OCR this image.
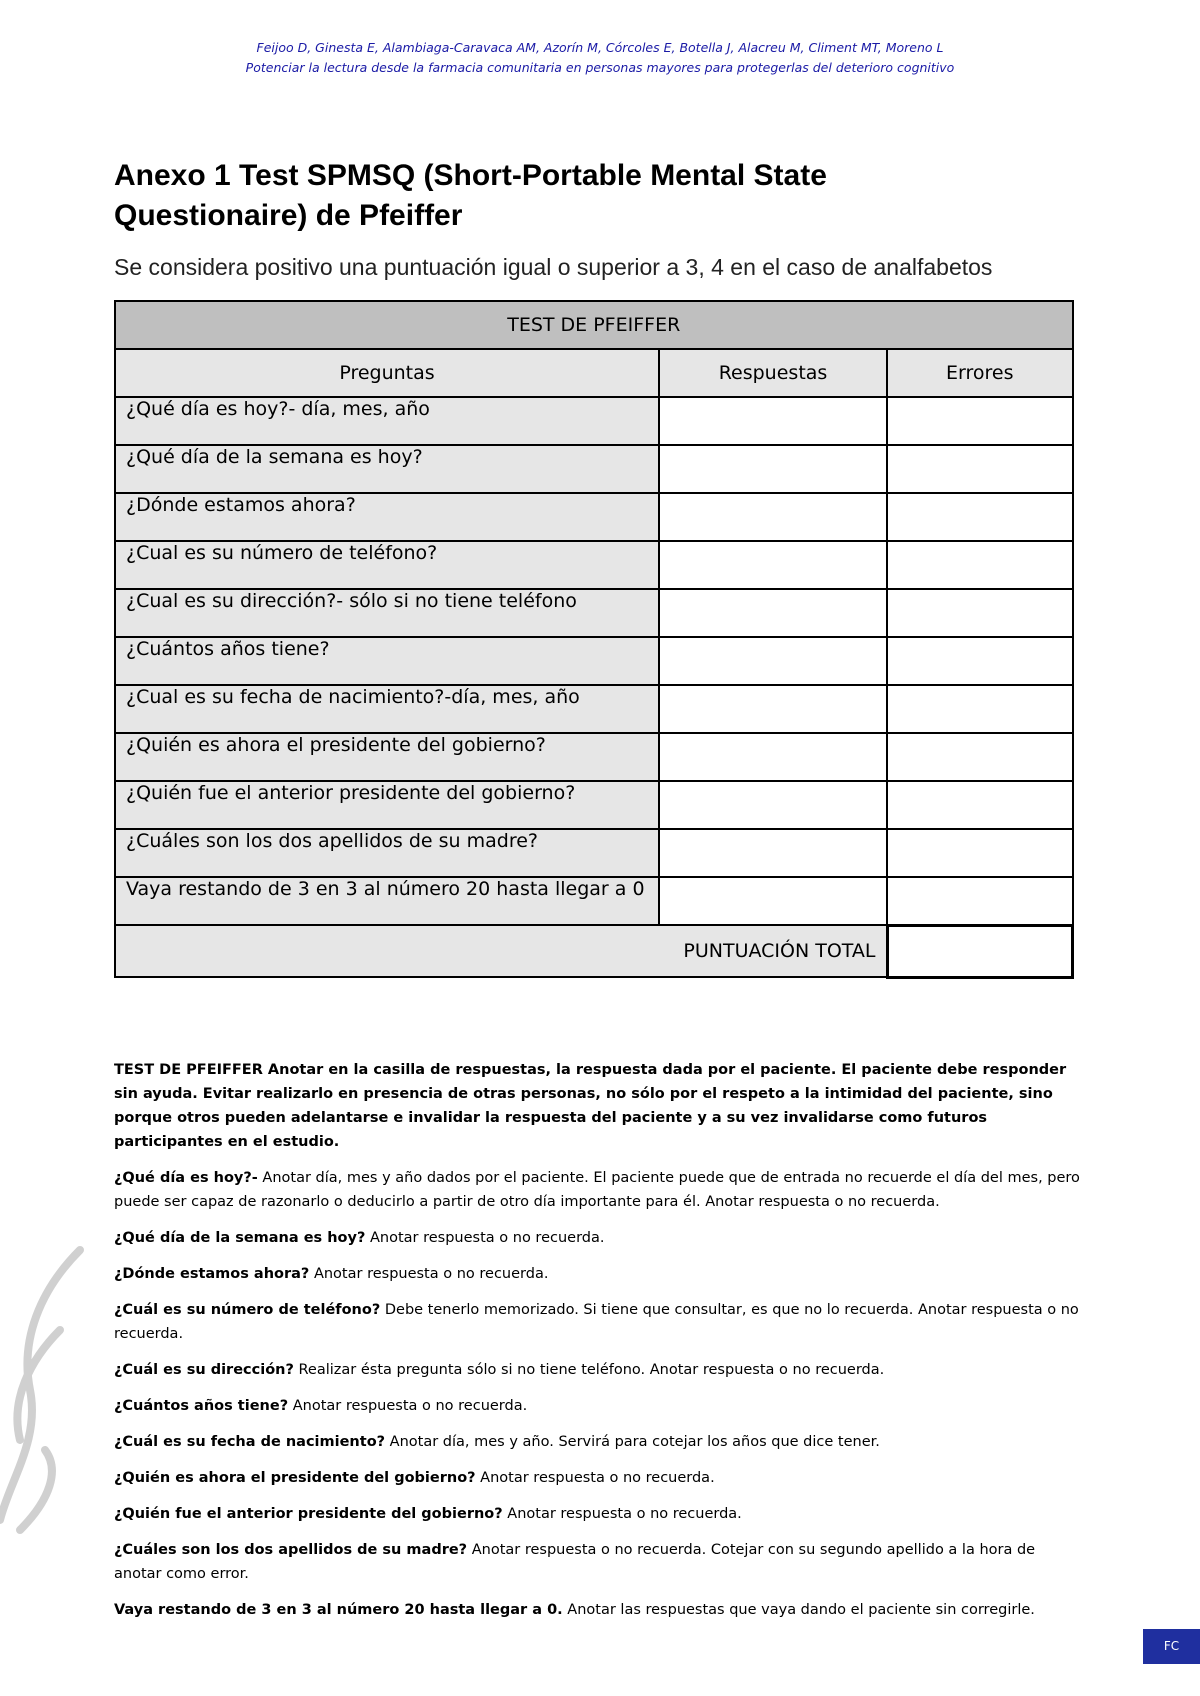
Feijoo D, Ginesta E, Alambiaga-Caravaca AM, Azorín M, Córcoles E, Botella J, Alacreu M, Climent MT, Moreno L
Potenciar la lectura desde la farmacia comunitaria en personas mayores para protegerlas del deterioro cognitivo
Anexo 1 Test SPMSQ (Short-Portable Mental State Questionaire) de Pfeiffer

Se considera positivo una puntuación igual o superior a 3, 4 en el caso de analfabetos

TEST DE PFEIFFER		
Preguntas	Respuestas	Errores
¿Qué día es hoy?- día, mes, año		
¿Qué día de la semana es hoy?		
¿Dónde estamos ahora?		
¿Cual es su número de teléfono?		
¿Cual es su dirección?- sólo si no tiene teléfono		
¿Cuántos años tiene?		
¿Cual es su fecha de nacimiento?-día, mes, año		
¿Quién es ahora el presidente del gobierno?		
¿Quién fue el anterior presidente del gobierno?		
¿Cuáles son los dos apellidos de su madre?		
Vaya restando de 3 en 3 al número 20 hasta llegar a 0		
PUNTUACIÓN TOTAL		

TEST DE PFEIFFER Anotar en la casilla de respuestas, la respuesta dada por el paciente. El paciente debe responder sin ayuda. Evitar realizarlo en presencia de otras personas, no sólo por el respeto a la intimidad del paciente, sino porque otros pueden adelantarse e invalidar la respuesta del paciente y a su vez invalidarse como futuros participantes en el estudio.

¿Qué día es hoy?- Anotar día, mes y año dados por el paciente. El paciente puede que de entrada no recuerde el día del mes, pero puede ser capaz de razonarlo o deducirlo a partir de otro día importante para él. Anotar respuesta o no recuerda.

¿Qué día de la semana es hoy? Anotar respuesta o no recuerda.

¿Dónde estamos ahora? Anotar respuesta o no recuerda.

¿Cuál es su número de teléfono? Debe tenerlo memorizado. Si tiene que consultar, es que no lo recuerda. Anotar respuesta o no recuerda.

¿Cuál es su dirección? Realizar ésta pregunta sólo si no tiene teléfono. Anotar respuesta o no recuerda.

¿Cuántos años tiene? Anotar respuesta o no recuerda.

¿Cuál es su fecha de nacimiento? Anotar día, mes y año. Servirá para cotejar los años que dice tener.

¿Quién es ahora el presidente del gobierno? Anotar respuesta o no recuerda.

¿Quién fue el anterior presidente del gobierno? Anotar respuesta o no recuerda.

¿Cuáles son los dos apellidos de su madre? Anotar respuesta o no recuerda. Cotejar con su segundo apellido a la hora de anotar como error.

Vaya restando de 3 en 3 al número 20 hasta llegar a 0. Anotar las respuestas que vaya dando el paciente sin corregirle.

FC
